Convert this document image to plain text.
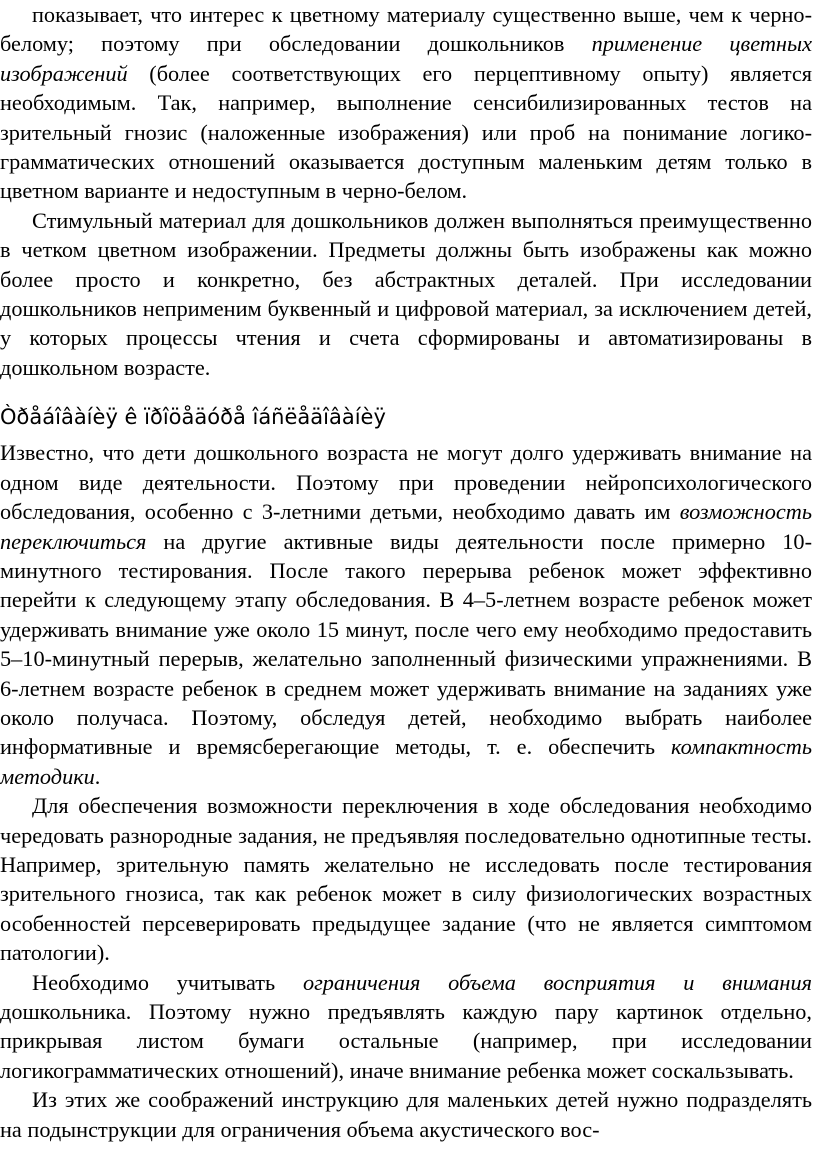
показывает, что интерес к цветному материалу существенно выше, чем к черно-белому; поэтому при обследовании дошкольников применение цветных изображений (более соответствующих его перцептивному опыту) является необходимым. Так, например, выполнение сенсибилизированных тестов на зрительный гнозис (наложенные изображения) или проб на понимание логико-грамматических отношений оказывается доступным маленьким детям только в цветном варианте и недоступным в черно-белом.

Стимульный материал для дошкольников должен выполняться преимущественно в четком цветном изображении. Предметы должны быть изображены как можно более просто и конкретно, без абстрактных деталей. При исследовании дошкольников неприменим буквенный и цифровой материал, за исключением детей, у которых процессы чтения и счета сформированы и автоматизированы в дошкольном возрасте.

Òðåáîâàíèÿ ê ïðîöåäóðå îáñëåäîâàíèÿ

Известно, что дети дошкольного возраста не могут долго удерживать внимание на одном виде деятельности. Поэтому при проведении нейропсихологического обследования, особенно с 3-летними детьми, необходимо давать им возможность переключиться на другие активные виды деятельности после примерно 10-минутного тестирования. После такого перерыва ребенок может эффективно перейти к следующему этапу обследования. В 4–5-летнем возрасте ребенок может удерживать внимание уже около 15 минут, после чего ему необходимо предоставить 5–10-минутный перерыв, желательно заполненный физическими упражнениями. В 6-летнем возрасте ребенок в среднем может удерживать внимание на заданиях уже около получаса. Поэтому, обследуя детей, необходимо выбрать наиболее информативные и времясберегающие методы, т. е. обеспечить компактность методики.

Для обеспечения возможности переключения в ходе обследования необходимо чередовать разнородные задания, не предъявляя последовательно однотипные тесты. Например, зрительную память желательно не исследовать после тестирования зрительного гнозиса, так как ребенок может в силу физиологических возрастных особенностей персеверировать предыдущее задание (что не является симптомом патологии).

Необходимо учитывать ограничения объема восприятия и внимания дошкольника. Поэтому нужно предъявлять каждую пару картинок отдельно, прикрывая листом бумаги остальные (например, при исследовании логикограмматических отношений), иначе внимание ребенка может соскальзывать.

Из этих же соображений инструкцию для маленьких детей нужно подразделять на подынструкции для ограничения объема акустического вос-
